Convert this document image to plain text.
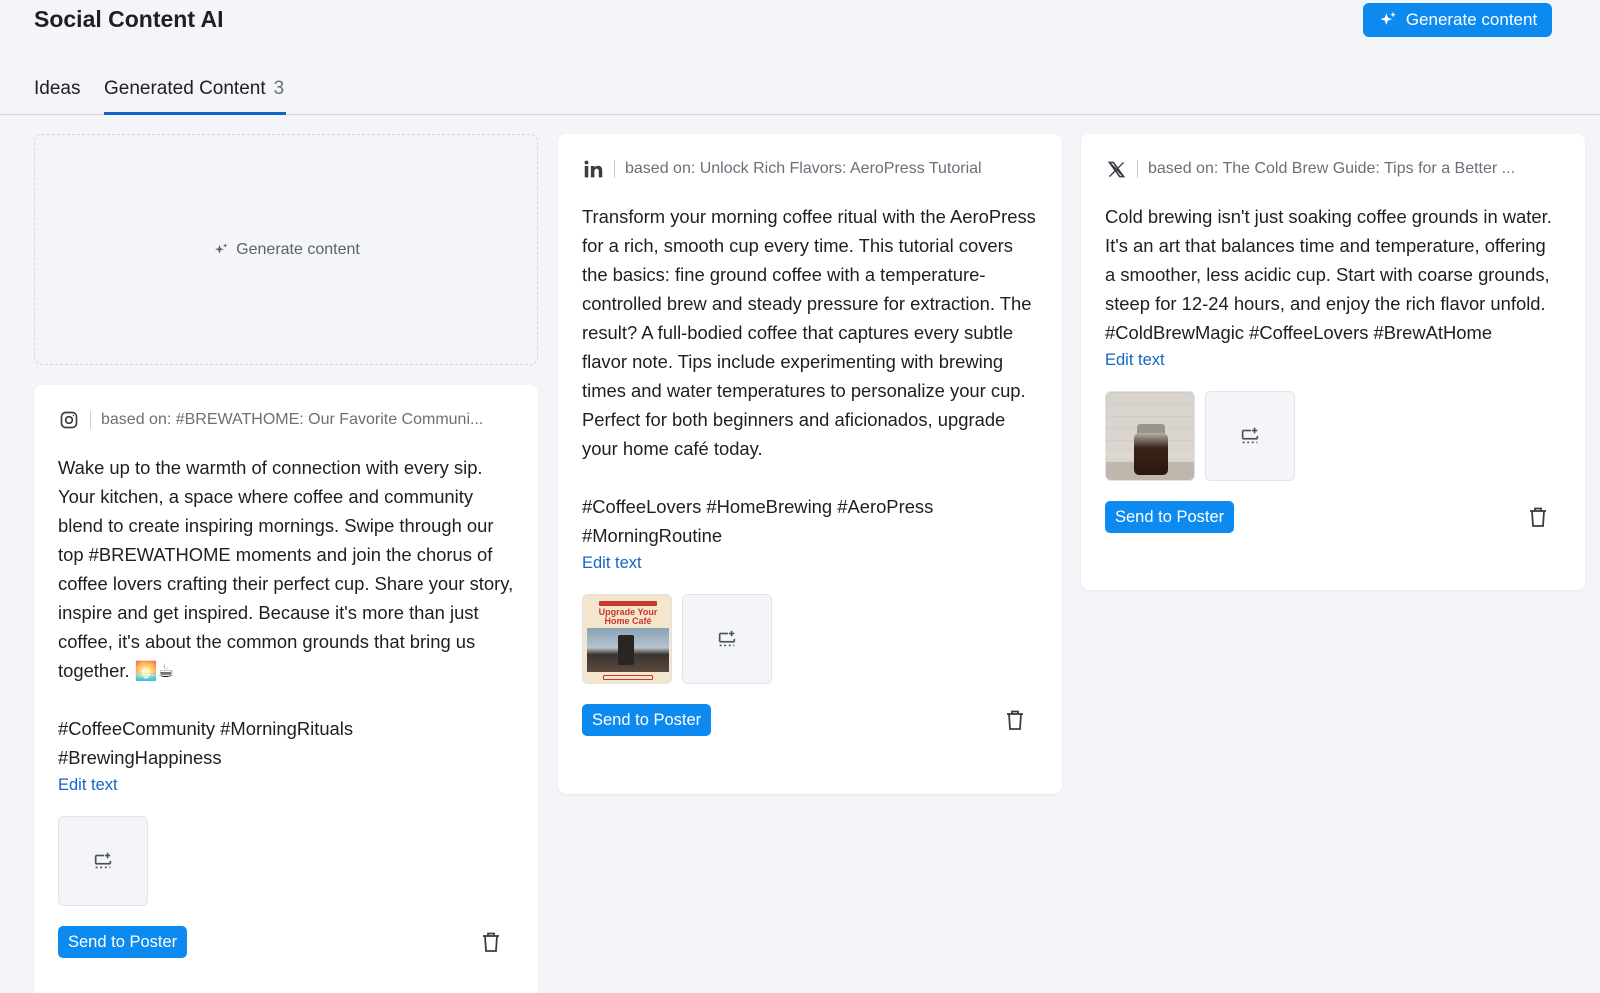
Social Content AI	Generate content
Ideas Generated Content 3
Generate content
based on: #BREWATHOME: Our Favorite Communi...
Wake up to the warmth of connection with every sip. Your kitchen, a space where coffee and community blend to create inspiring mornings. Swipe through our top #BREWATHOME moments and join the chorus of coffee lovers crafting their perfect cup. Share your story, inspire and get inspired. Because it's more than just coffee, it's about the common grounds that bring us together. 🌅☕

#CoffeeCommunity #MorningRituals #BrewingHappiness
Edit text
Send to Poster
based on: Unlock Rich Flavors: AeroPress Tutorial
Transform your morning coffee ritual with the AeroPress for a rich, smooth cup every time. This tutorial covers the basics: fine ground coffee with a temperature-controlled brew and steady pressure for extraction. The result? A full-bodied coffee that captures every subtle flavor note. Tips include experimenting with brewing times and water temperatures to personalize your cup. Perfect for both beginners and aficionados, upgrade your home café today.

#CoffeeLovers #HomeBrewing #AeroPress #MorningRoutine
Edit text
Upgrade Your Home Café
Send to Poster
based on: The Cold Brew Guide: Tips for a Better ...
Cold brewing isn't just soaking coffee grounds in water. It's an art that balances time and temperature, offering a smoother, less acidic cup. Start with coarse grounds, steep for 12-24 hours, and enjoy the rich flavor unfold. #ColdBrewMagic #CoffeeLovers #BrewAtHome
Edit text
Send to Poster
